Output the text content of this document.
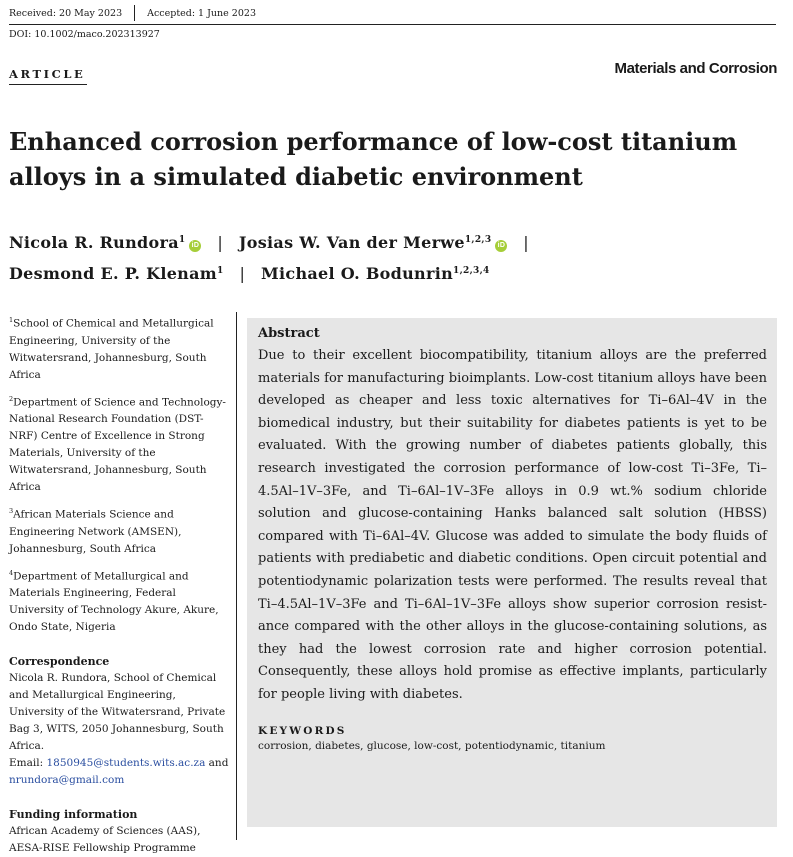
Received: 20 May 2023	Accepted: 1 June 2023
DOI: 10.1002/maco.202313927
ARTICLE	Materials and Corrosion
Enhanced corrosion performance of low-cost titanium
alloys in a simulated diabetic environment
Nicola R. Rundora$^1$iD | Josias W. Van der Merwe$^{1,2,3}$iD |
Desmond E. P. Klenam$^1$ | Michael O. Bodunrin$^{1,2,3,4}$
$^1$School of Chemical and Metallurgical Engineering, University of the Witwatersrand, Johannesburg, South Africa
$^2$Department of Science and Technology-National Research Foundation (DST-NRF) Centre of Excellence in Strong Materials, University of the Witwatersrand, Johannesburg, South Africa
$^3$African Materials Science and Engineering Network (AMSEN), Johannesburg, South Africa
$^4$Department of Metallurgical and Materials Engineering, Federal University of Technology Akure, Akure, Ondo State, Nigeria
Correspondence
Nicola R. Rundora, School of Chemical and Metallurgical Engineering, University of the Witwatersrand, Private Bag 3, WITS, 2050 Johannesburg, South Africa.
Email: 1850945@students.wits.ac.za and nrundora@gmail.com
Funding information
African Academy of Sciences (AAS),
AESA-RISE Fellowship Programme
Abstract

Due to their excellent biocompatibility, titanium alloys are the preferred materials for manufacturing bioimplants. Low-cost titanium alloys have been developed as cheaper and less toxic alternatives for Ti–6Al–4V in the biomedical industry, but their suitability for diabetes patients is yet to be evaluated. With the growing number of diabetes patients globally, this research investigated the corrosion performance of low-cost Ti–3Fe, Ti–4.5Al–1V–3Fe, and Ti–6Al–1V–3Fe alloys in 0.9 wt.% sodium chloride solution and glucose-containing Hanks balanced salt solution (HBSS) compared with Ti–6Al–4V. Glucose was added to simulate the body fluids of patients with prediabetic and diabetic conditions. Open circuit potential and potentiodynamic polarization tests were performed. The results reveal that Ti–4.5Al–1V–3Fe and Ti–6Al–1V–3Fe alloys show superior corrosion resistance compared with the other alloys in the glucose-containing solutions, as they had the lowest corrosion rate and higher corrosion potential. Consequently, these alloys hold promise as effective implants, particularly for people living with diabetes.

KEYWORDS
corrosion, diabetes, glucose, low-cost, potentiodynamic, titanium
